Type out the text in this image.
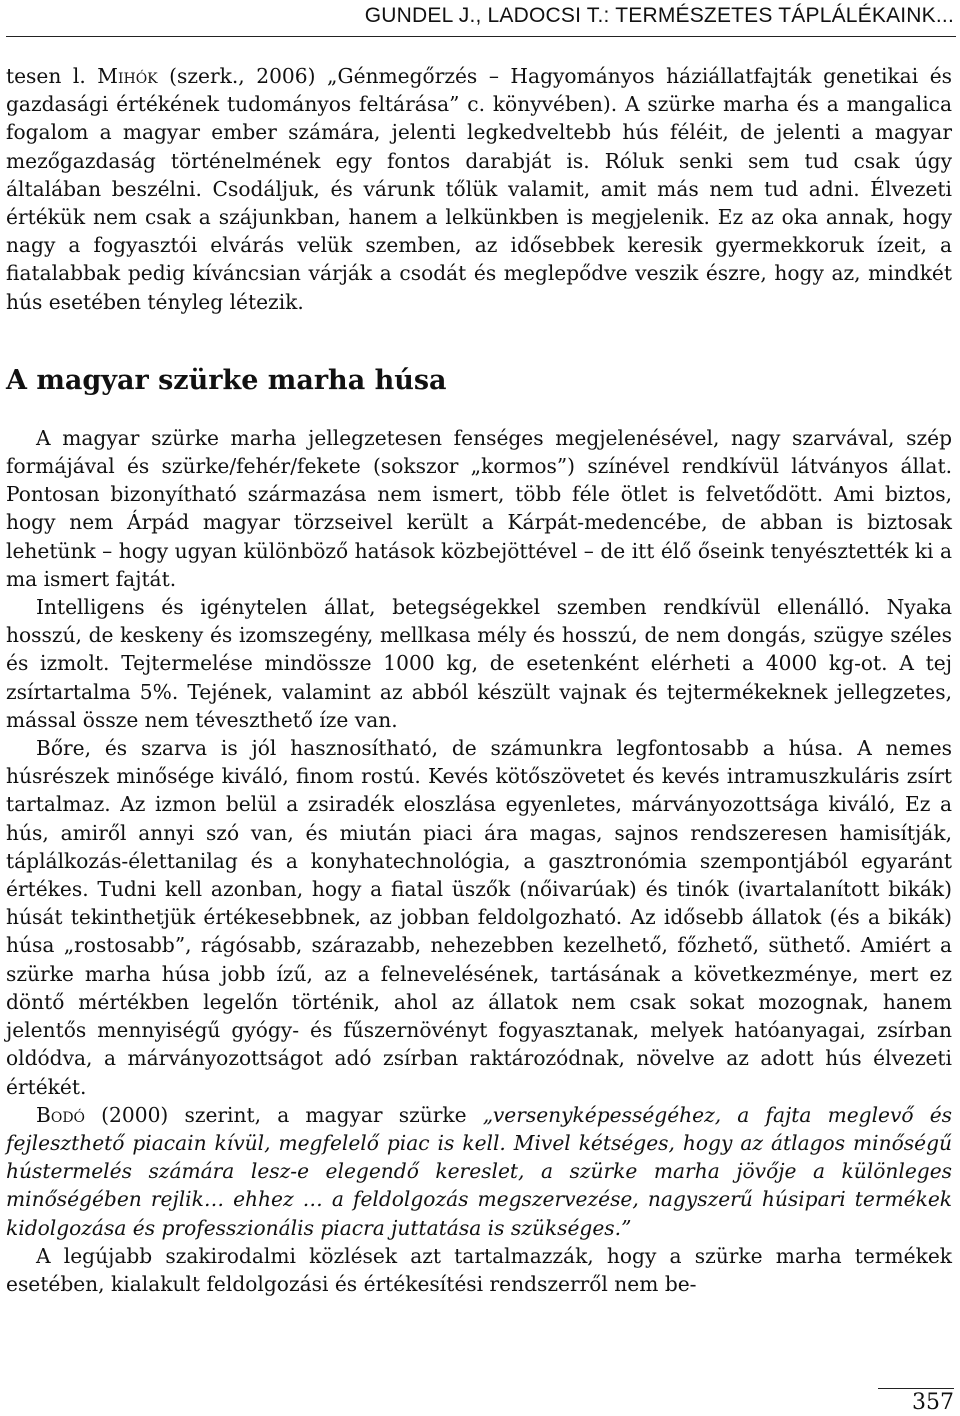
GUNDEL J., LADOCSI T.: TERMÉSZETES TÁPLÁLÉKAINK...

tesen l. Mihók (szerk., 2006) „Génmegőrzés – Hagyományos háziállatfajták genetikai és gazdasági értékének tudományos feltárása” c. könyvében). A szürke marha és a mangalica fogalom a magyar ember számára, jelenti legkedveltebb hús féléit, de jelenti a magyar mezőgazdaság történelmének egy fontos darabját is. Róluk senki sem tud csak úgy általában beszélni. Csodáljuk, és várunk tőlük valamit, amit más nem tud adni. Élvezeti értékük nem csak a szájunkban, hanem a lelkünkben is megjelenik. Ez az oka annak, hogy nagy a fogyasztói elvárás velük szemben, az idősebbek keresik gyermekkoruk ízeit, a fiatalabbak pedig kíváncsian várják a csodát és meglepődve veszik észre, hogy az, mindkét hús esetében tényleg létezik.

A magyar szürke marha húsa

A magyar szürke marha jellegzetesen fenséges megjelenésével, nagy szarvával, szép formájával és szürke/fehér/fekete (sokszor „kormos”) színével rendkívül látványos állat. Pontosan bizonyítható származása nem ismert, több féle ötlet is felvetődött. Ami biztos, hogy nem Árpád magyar törzseivel került a Kárpát-medencébe, de abban is biztosak lehetünk – hogy ugyan különböző hatások közbejöttével – de itt élő őseink tenyésztették ki a ma ismert fajtát.

Intelligens és igénytelen állat, betegségekkel szemben rendkívül ellenálló. Nyaka hosszú, de keskeny és izomszegény, mellkasa mély és hosszú, de nem dongás, szügye széles és izmolt. Tejtermelése mindössze 1000 kg, de esetenként elérheti a 4000 kg-ot. A tej zsírtartalma 5%. Tejének, valamint az abból készült vajnak és tejtermékeknek jellegzetes, mással össze nem téveszthető íze van.

Bőre, és szarva is jól hasznosítható, de számunkra legfontosabb a húsa. A nemes húsrészek minősége kiváló, finom rostú. Kevés kötőszövetet és kevés intramuszkuláris zsírt tartalmaz. Az izmon belül a zsiradék eloszlása egyenletes, márványozottsága kiváló, Ez a hús, amiről annyi szó van, és miután piaci ára magas, sajnos rendszeresen hamisítják, táplálkozás-élettanilag és a konyhatechnológia, a gasztronómia szempontjából egyaránt értékes. Tudni kell azonban, hogy a fiatal üszők (nőivarúak) és tinók (ivartalanított bikák) húsát tekinthetjük értékesebbnek, az jobban feldolgozható. Az idősebb állatok (és a bikák) húsa „rostosabb”, rágósabb, szárazabb, nehezebben kezelhető, főzhető, süthető. Amiért a szürke marha húsa jobb ízű, az a felnevelésének, tartásának a következménye, mert ez döntő mértékben legelőn történik, ahol az állatok nem csak sokat mozognak, hanem jelentős mennyiségű gyógy- és fűszernövényt fogyasztanak, melyek hatóanyagai, zsírban oldódva, a márványozottságot adó zsírban raktározódnak, növelve az adott hús élvezeti értékét.

Bodó (2000) szerint, a magyar szürke „versenyképességéhez, a fajta meglevő és fejleszthető piacain kívül, megfelelő piac is kell. Mivel kétséges, hogy az átlagos minőségű hústermelés számára lesz-e elegendő kereslet, a szürke marha jövője a különleges minőségében rejlik… ehhez … a feldolgozás megszervezése, nagyszerű húsipari termékek kidolgozása és professzionális piacra juttatása is szükséges.”

A legújabb szakirodalmi közlések azt tartalmazzák, hogy a szürke marha termékek esetében, kialakult feldolgozási és értékesítési rendszerről nem be-

357
